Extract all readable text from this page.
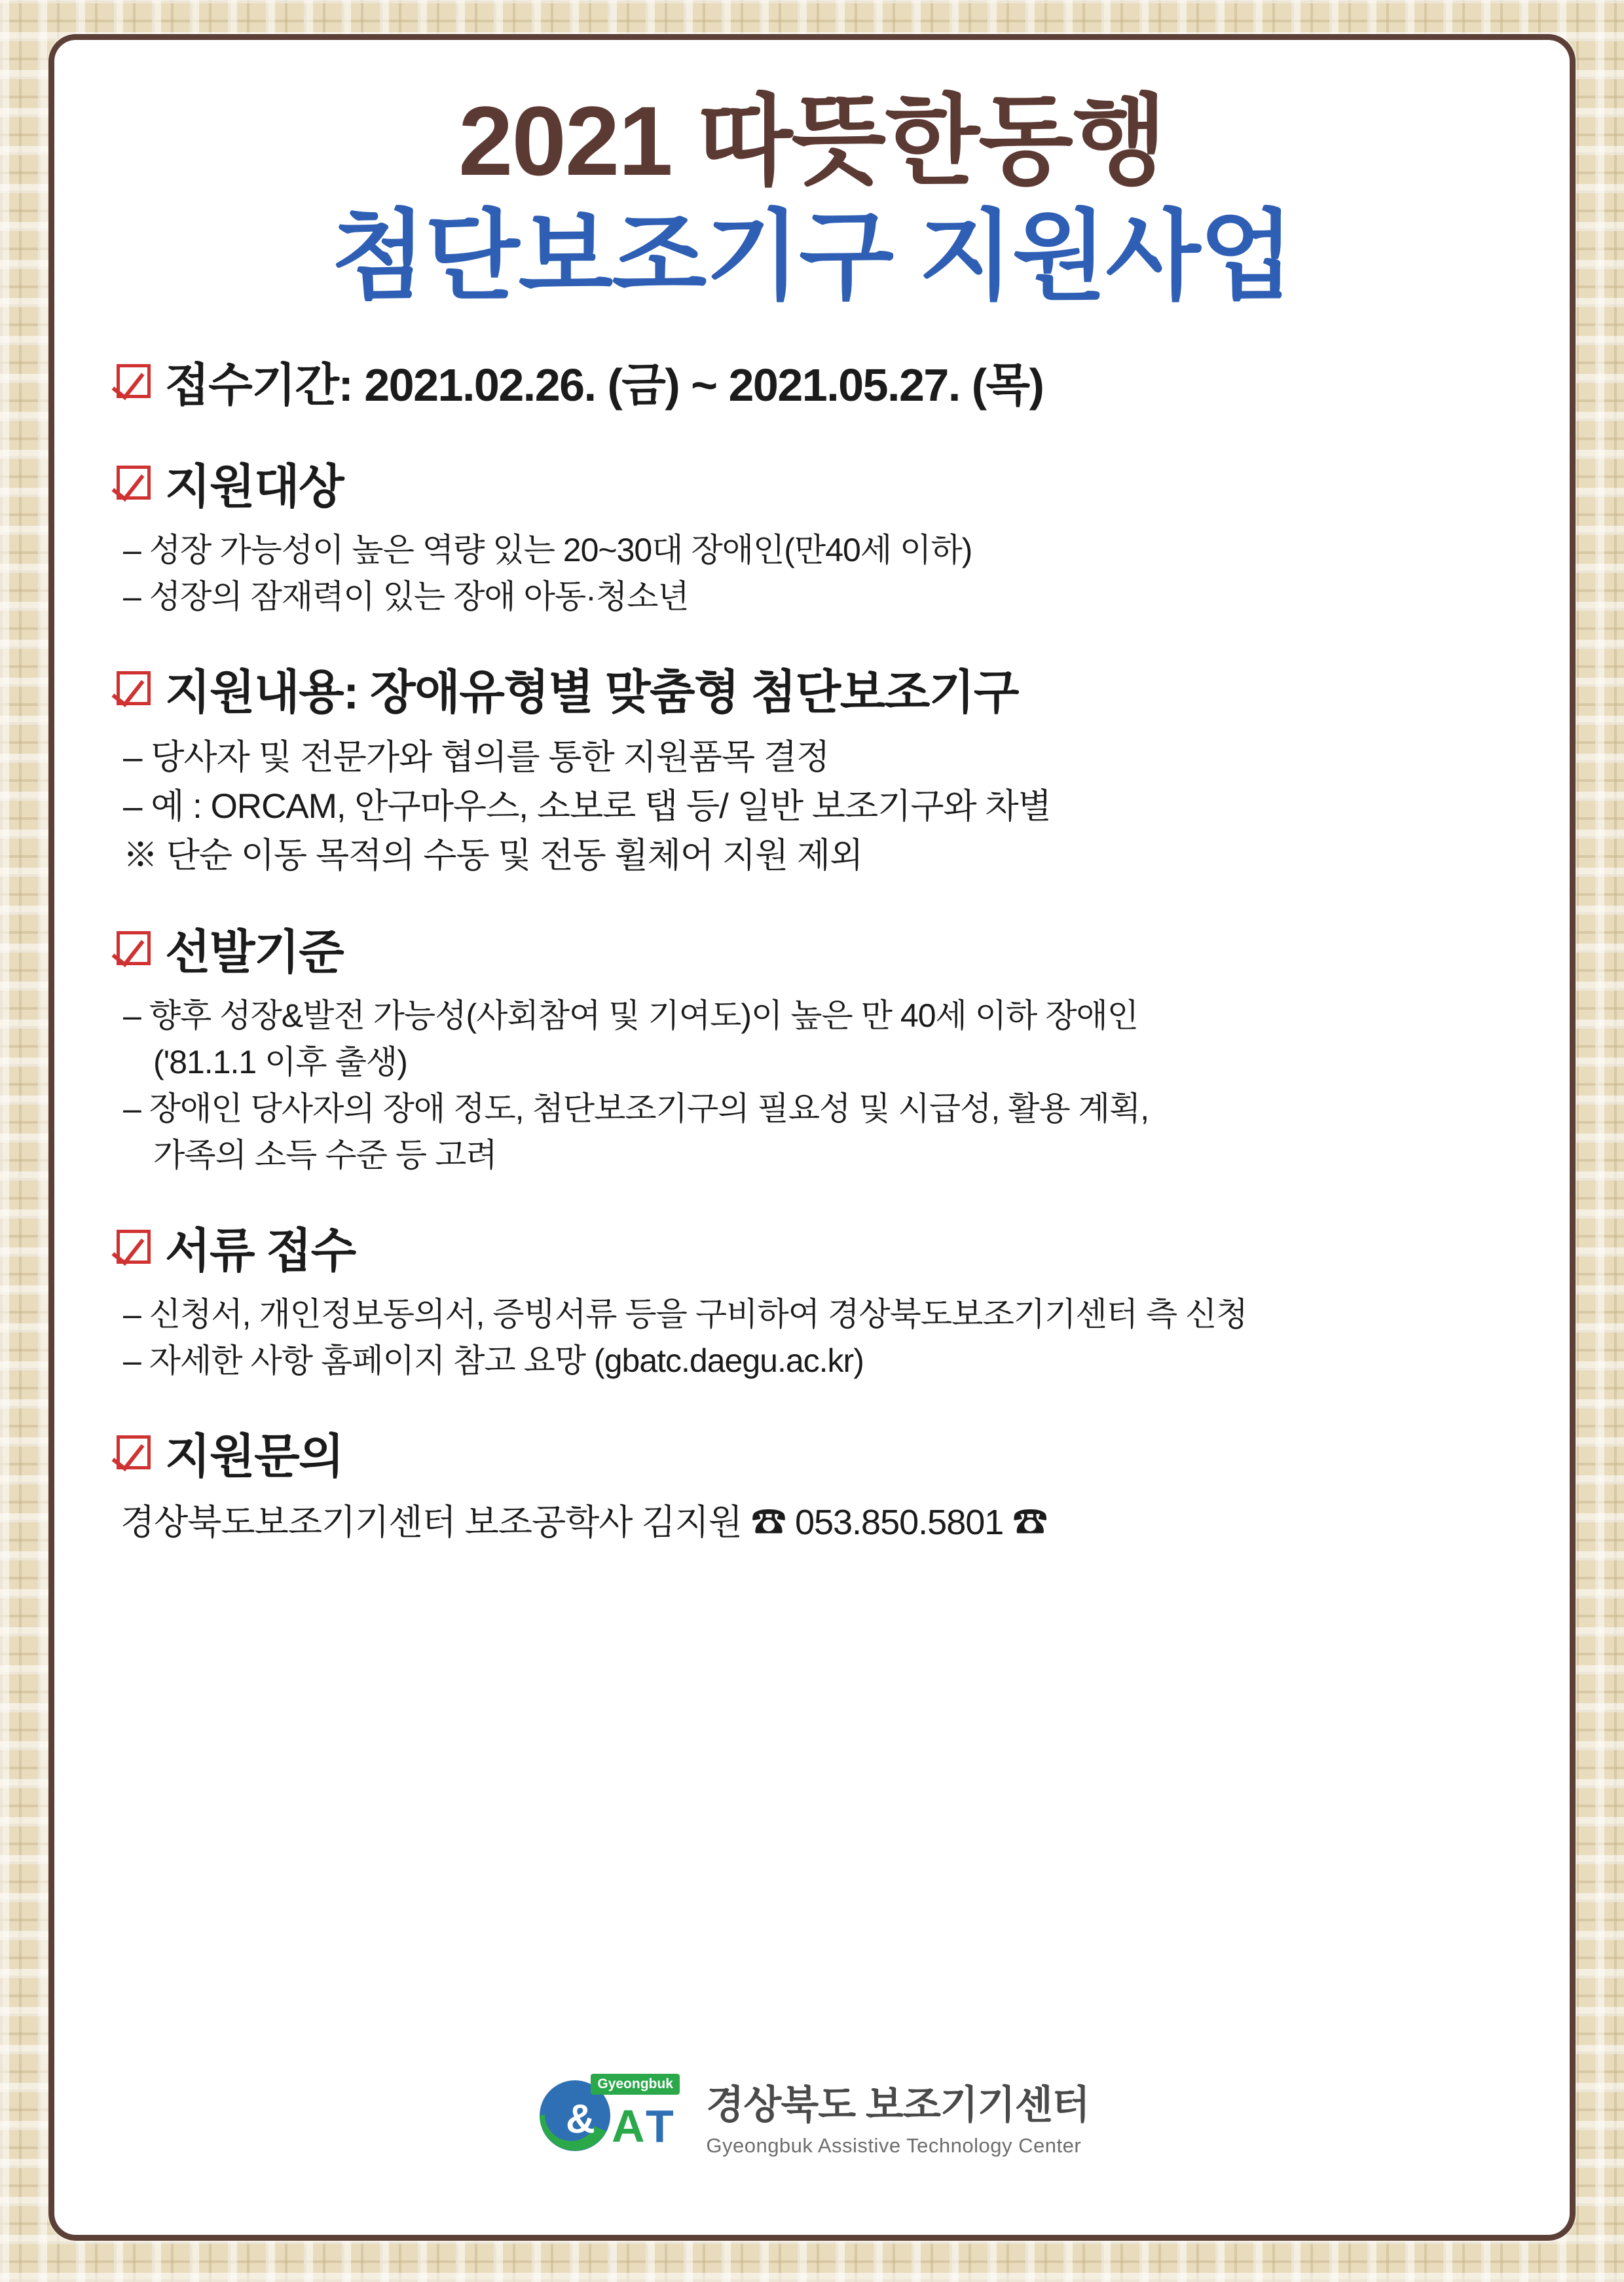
2021 따뜻한동행
첨단보조기구 지원사업
접수기간: 2021.02.26. (금) ~ 2021.05.27. (목)
지원대상
– 성장 가능성이 높은 역량 있는 20~30대 장애인(만40세 이하)
– 성장의 잠재력이 있는 장애 아동·청소년
지원내용: 장애유형별 맞춤형 첨단보조기구
– 당사자 및 전문가와 협의를 통한 지원품목 결정
– 예 : ORCAM, 안구마우스, 소보로 탭 등/ 일반 보조기구와 차별
※ 단순 이동 목적의 수동 및 전동 휠체어 지원 제외
선발기준
– 향후 성장&발전 가능성(사회참여 및 기여도)이 높은 만 40세 이하 장애인
('81.1.1 이후 출생)
– 장애인 당사자의 장애 정도, 첨단보조기구의 필요성 및 시급성, 활용 계획,
가족의 소득 수준 등 고려
서류 접수
– 신청서, 개인정보동의서, 증빙서류 등을 구비하여 경상북도보조기기센터 측 신청
– 자세한 사항 홈페이지 참고 요망 (gbatc.daegu.ac.kr)
지원문의
경상북도보조기기센터 보조공학사 김지원 ☎ 053.850.5801 ☎
& A T
Gyeongbuk 경상북도 보조기기센터
Gyeongbuk Assistive Technology Center
